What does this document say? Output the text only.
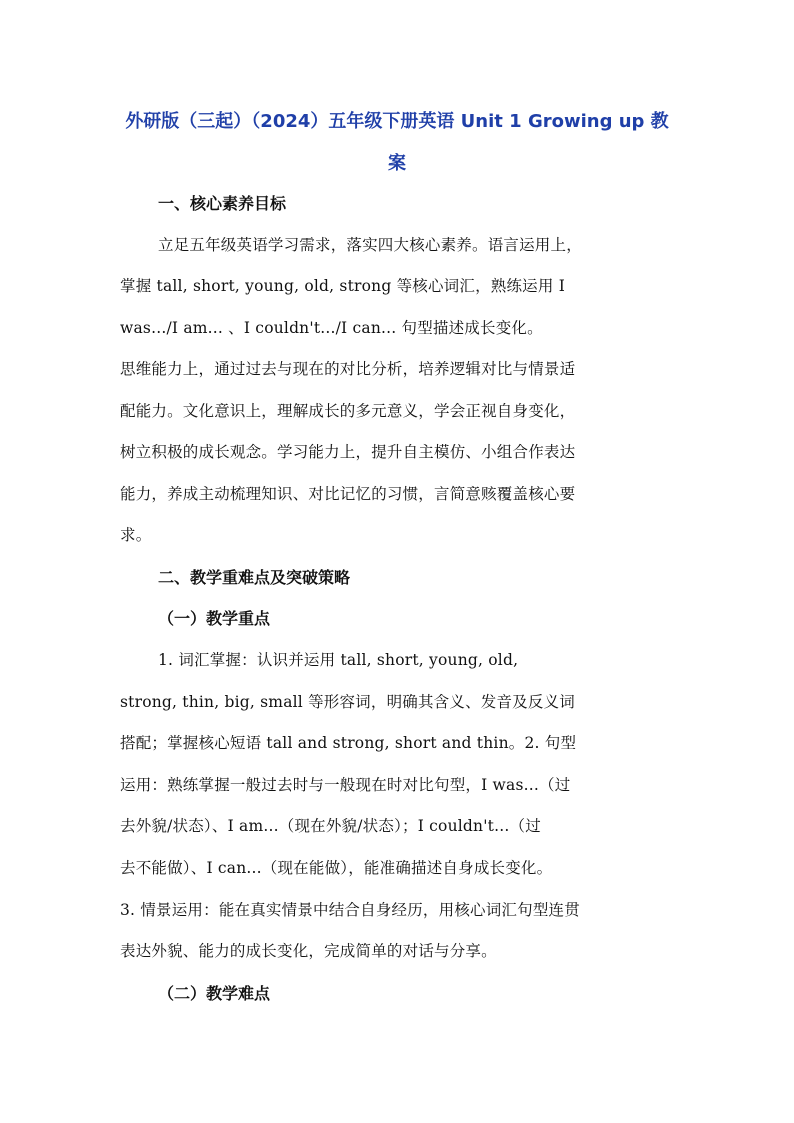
外研版（三起）（2024）五年级下册英语 Unit 1 Growing up 教
案
一、核心素养目标
立足五年级英语学习需求，落实四大核心素养。语言运用上，
掌握 tall, short, young, old, strong 等核心词汇，熟练运用 I
was.../I am... 、I couldn't.../I can... 句型描述成长变化。
思维能力上，通过过去与现在的对比分析，培养逻辑对比与情景适
配能力。文化意识上，理解成长的多元意义，学会正视自身变化，
树立积极的成长观念。学习能力上，提升自主模仿、小组合作表达
能力，养成主动梳理知识、对比记忆的习惯，言简意赅覆盖核心要
求。
二、教学重难点及突破策略
（一）教学重点
1. 词汇掌握：认识并运用 tall, short, young, old,
strong, thin, big, small 等形容词，明确其含义、发音及反义词
搭配；掌握核心短语 tall and strong, short and thin。2. 句型
运用：熟练掌握一般过去时与一般现在时对比句型，I was...（过
去外貌/状态）、I am...（现在外貌/状态）；I couldn't...（过
去不能做）、I can...（现在能做），能准确描述自身成长变化。
3. 情景运用：能在真实情景中结合自身经历，用核心词汇句型连贯
表达外貌、能力的成长变化，完成简单的对话与分享。
（二）教学难点
